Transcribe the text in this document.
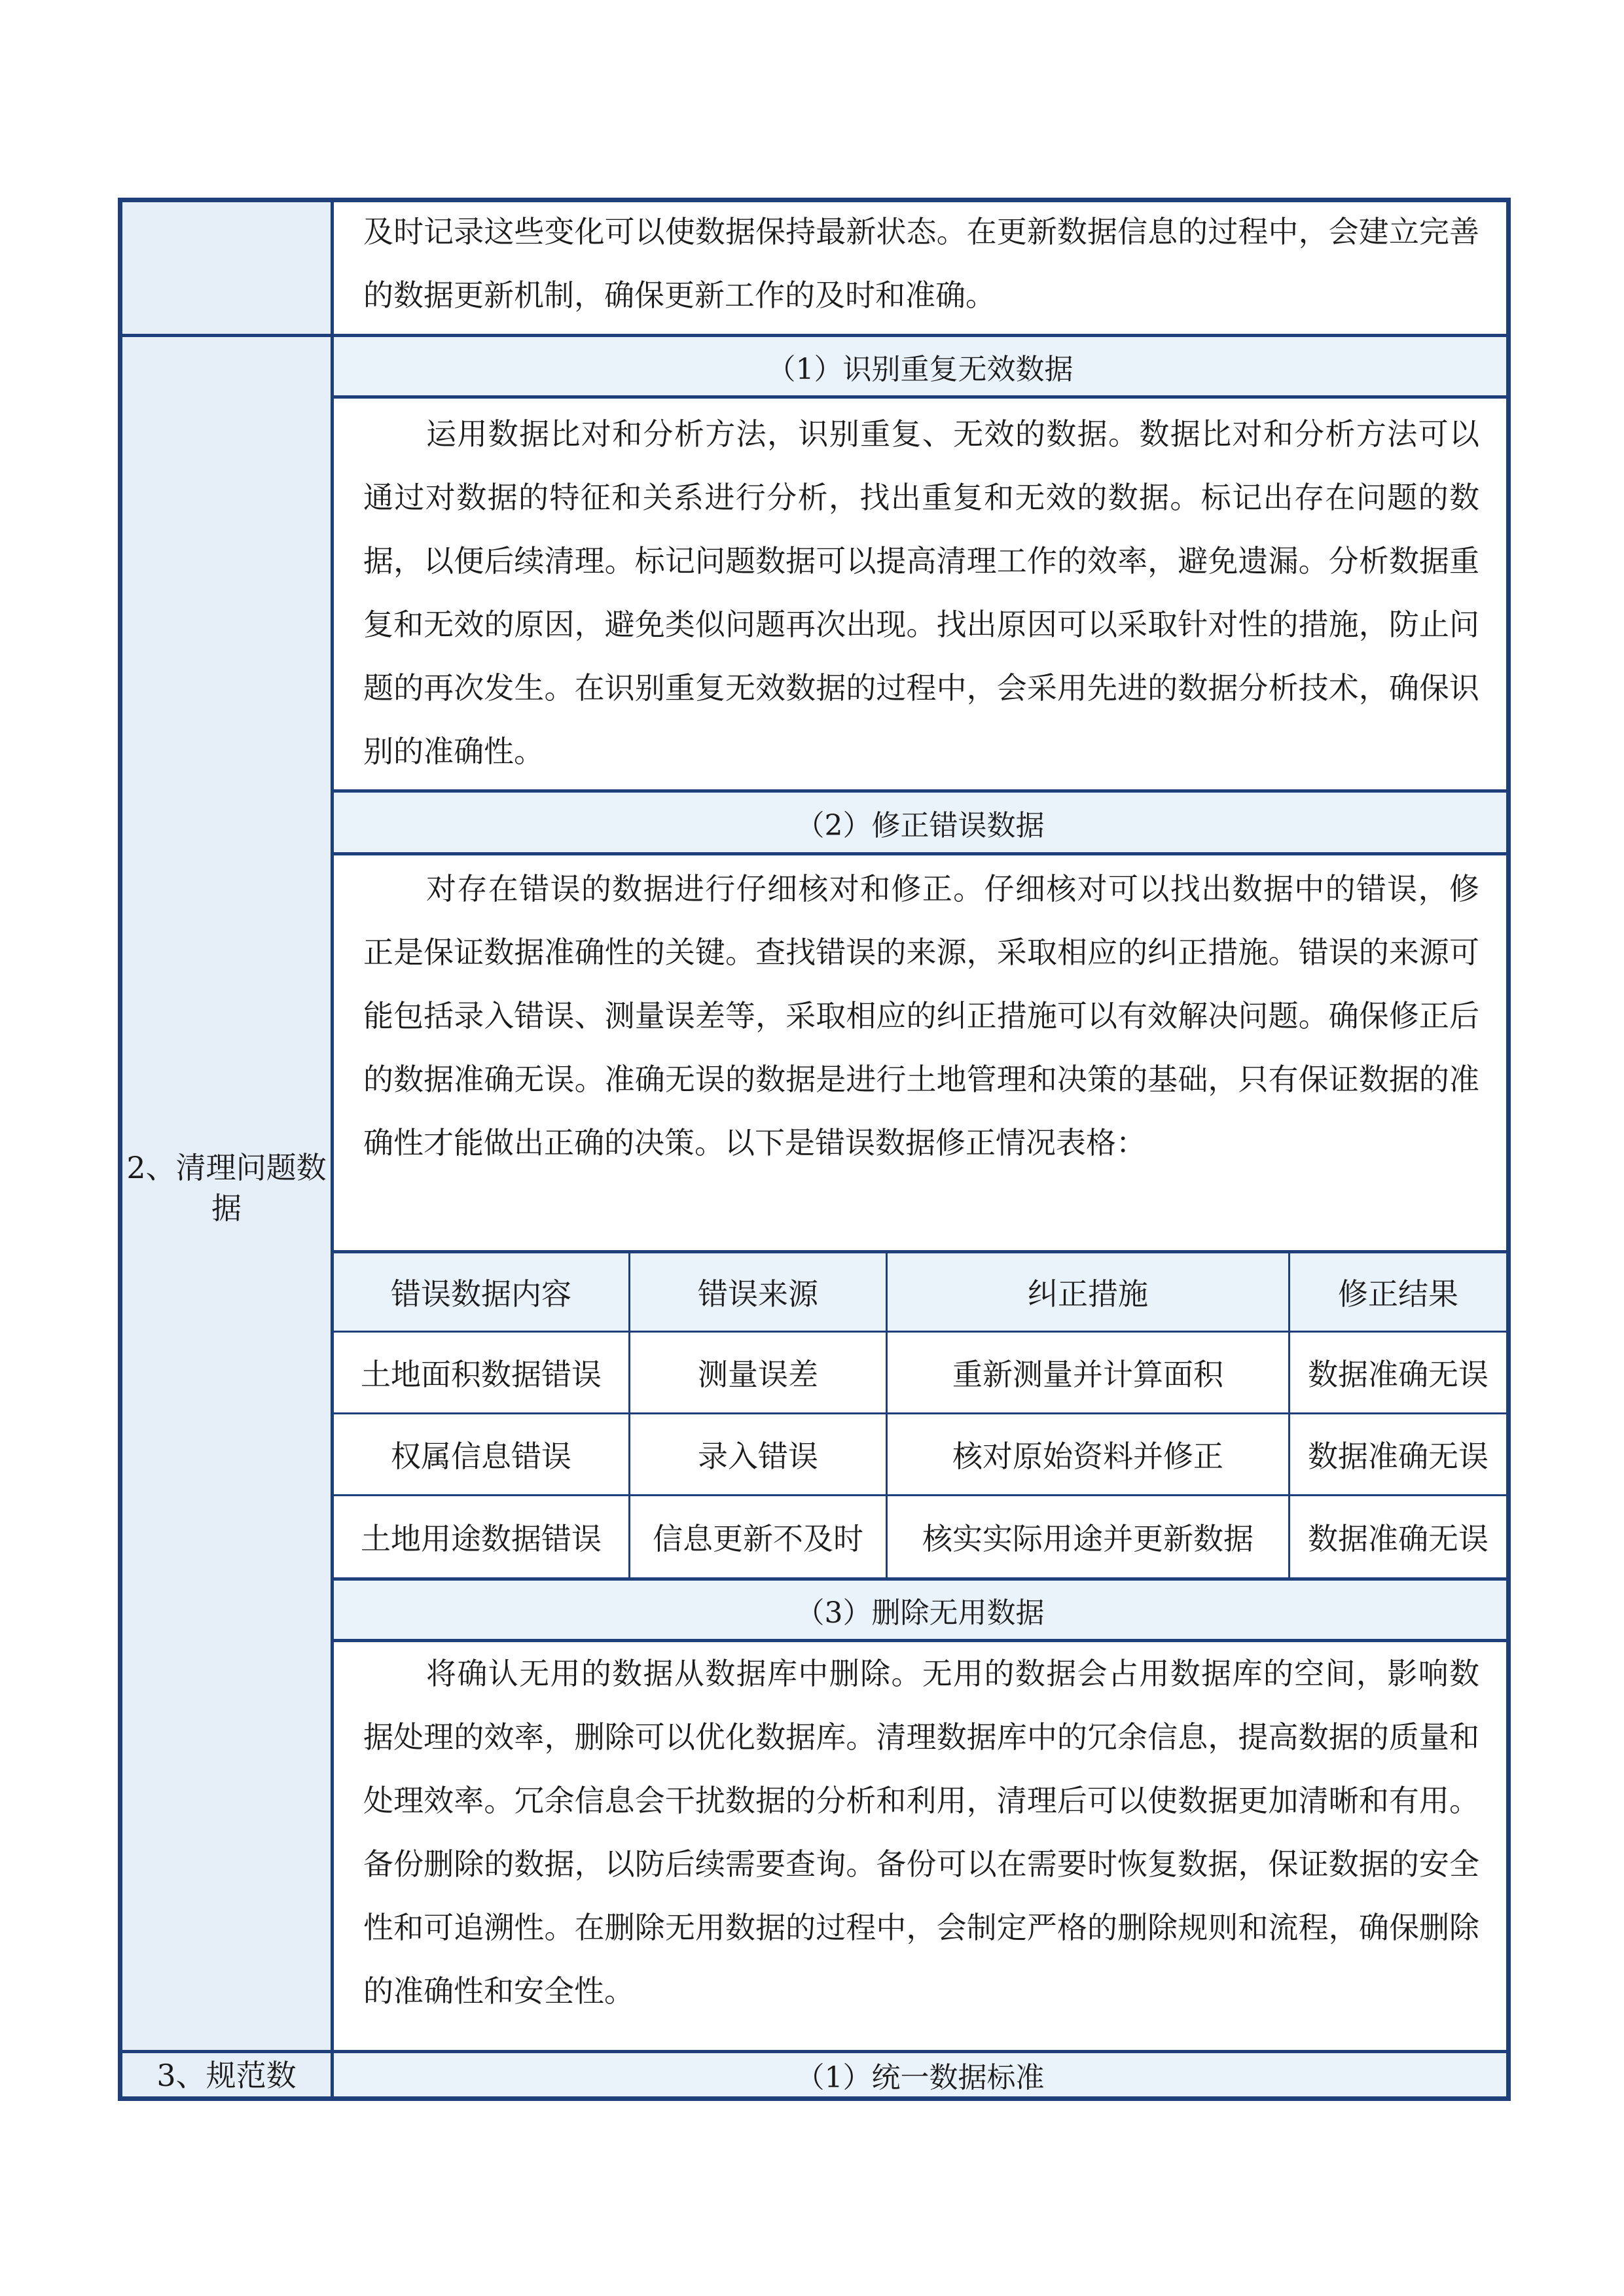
及时记录这些变化可以使数据保持最新状态。在更新数据信息的过程中，会建立完善的数据更新机制，确保更新工作的及时和准确。

2、清理问题数据
（1）识别重复无效数据

运用数据比对和分析方法，识别重复、无效的数据。数据比对和分析方法可以通过对数据的特征和关系进行分析，找出重复和无效的数据。标记出存在问题的数据，以便后续清理。标记问题数据可以提高清理工作的效率，避免遗漏。分析数据重复和无效的原因，避免类似问题再次出现。找出原因可以采取针对性的措施，防止问题的再次发生。在识别重复无效数据的过程中，会采用先进的数据分析技术，确保识别的准确性。

（2）修正错误数据

对存在错误的数据进行仔细核对和修正。仔细核对可以找出数据中的错误，修正是保证数据准确性的关键。查找错误的来源，采取相应的纠正措施。错误的来源可能包括录入错误、测量误差等，采取相应的纠正措施可以有效解决问题。确保修正后的数据准确无误。准确无误的数据是进行土地管理和决策的基础，只有保证数据的准确性才能做出正确的决策。以下是错误数据修正情况表格：

错误数据内容	错误来源	纠正措施	修正结果
土地面积数据错误	测量误差	重新测量并计算面积	数据准确无误
权属信息错误	录入错误	核对原始资料并修正	数据准确无误
土地用途数据错误	信息更新不及时	核实实际用途并更新数据	数据准确无误
（3）删除无用数据

将确认无用的数据从数据库中删除。无用的数据会占用数据库的空间，影响数据处理的效率，删除可以优化数据库。清理数据库中的冗余信息，提高数据的质量和处理效率。冗余信息会干扰数据的分析和利用，清理后可以使数据更加清晰和有用。备份删除的数据，以防后续需要查询。备份可以在需要时恢复数据，保证数据的安全性和可追溯性。在删除无用数据的过程中，会制定严格的删除规则和流程，确保删除的准确性和安全性。

3、规范数	（1）统一数据标准
